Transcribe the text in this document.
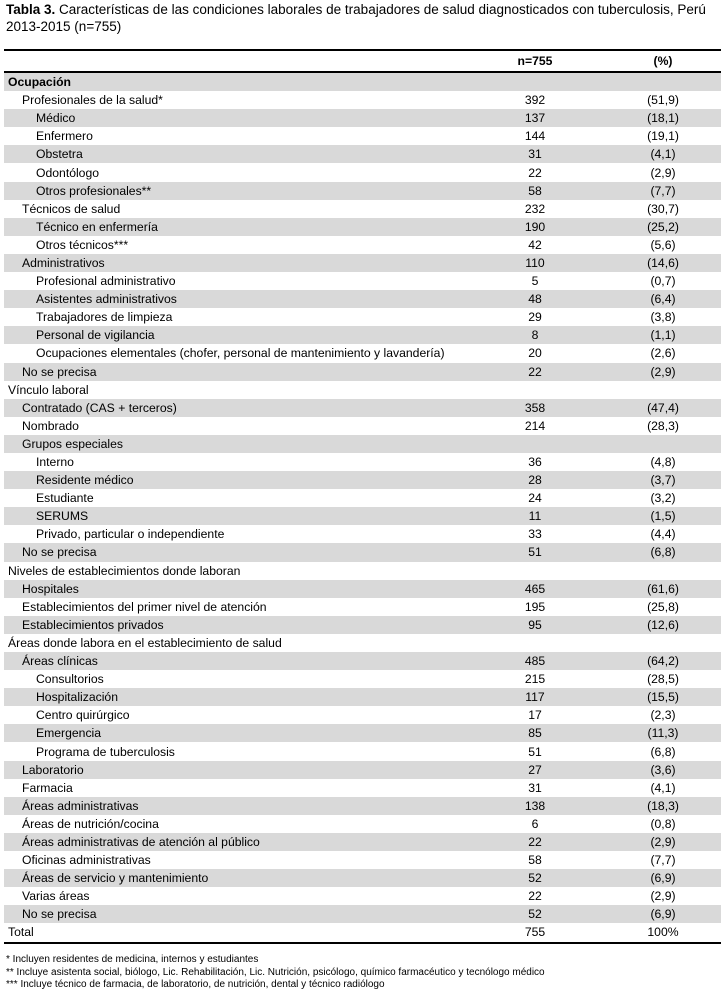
Tabla 3. Características de las condiciones laborales de trabajadores de salud diagnosticados con tuberculosis, Perú 2013-2015 (n=755)
	n=755	(%)
Ocupación		
Profesionales de la salud*	392	(51,9)
Médico	137	(18,1)
Enfermero	144	(19,1)
Obstetra	31	(4,1)
Odontólogo	22	(2,9)
Otros profesionales**	58	(7,7)
Técnicos de salud	232	(30,7)
Técnico en enfermería	190	(25,2)
Otros técnicos***	42	(5,6)
Administrativos	110	(14,6)
Profesional administrativo	5	(0,7)
Asistentes administrativos	48	(6,4)
Trabajadores de limpieza	29	(3,8)
Personal de vigilancia	8	(1,1)
Ocupaciones elementales (chofer, personal de mantenimiento y lavandería)	20	(2,6)
No se precisa	22	(2,9)
Vínculo laboral		
Contratado (CAS + terceros)	358	(47,4)
Nombrado	214	(28,3)
Grupos especiales		
Interno	36	(4,8)
Residente médico	28	(3,7)
Estudiante	24	(3,2)
SERUMS	11	(1,5)
Privado, particular o independiente	33	(4,4)
No se precisa	51	(6,8)
Niveles de establecimientos donde laboran		
Hospitales	465	(61,6)
Establecimientos del primer nivel de atención	195	(25,8)
Establecimientos privados	95	(12,6)
Áreas donde labora en el establecimiento de salud		
Áreas clínicas	485	(64,2)
Consultorios	215	(28,5)
Hospitalización	117	(15,5)
Centro quirúrgico	17	(2,3)
Emergencia	85	(11,3)
Programa de tuberculosis	51	(6,8)
Laboratorio	27	(3,6)
Farmacia	31	(4,1)
Áreas administrativas	138	(18,3)
Áreas de nutrición/cocina	6	(0,8)
Áreas administrativas de atención al público	22	(2,9)
Oficinas administrativas	58	(7,7)
Áreas de servicio y mantenimiento	52	(6,9)
Varias áreas	22	(2,9)
No se precisa	52	(6,9)
Total	755	100%
* Incluyen residentes de medicina, internos y estudiantes
** Incluye asistenta social, biólogo, Lic. Rehabilitación, Lic. Nutrición, psicólogo, químico farmacéutico y tecnólogo médico
*** Incluye técnico de farmacia, de laboratorio, de nutrición, dental y técnico radiólogo
